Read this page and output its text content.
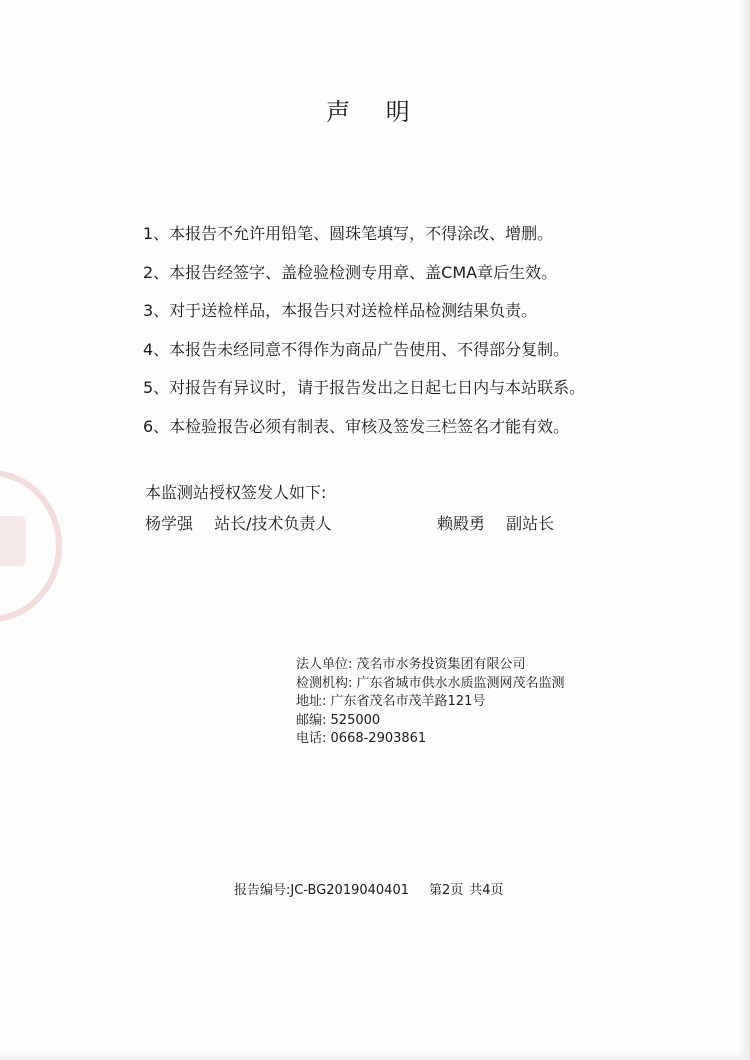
声 明
1、本报告不允许用铅笔、圆珠笔填写，不得涂改、增删。
2、本报告经签字、盖检验检测专用章、盖CMA章后生效。
3、对于送检样品，本报告只对送检样品检测结果负责。
4、本报告未经同意不得作为商品广告使用、不得部分复制。
5、对报告有异议时，请于报告发出之日起七日内与本站联系。
6、本检验报告必须有制表、审核及签发三栏签名才能有效。
本监测站授权签发人如下:
杨学强 站长/技术负责人	赖殿勇 副站长
法人单位: 茂名市水务投资集团有限公司
检测机构: 广东省城市供水水质监测网茂名监测
地址: 广东省茂名市茂羊路121号
邮编: 525000
电话: 0668-2903861
报告编号:JC-BG2019040401 第2页 共4页
